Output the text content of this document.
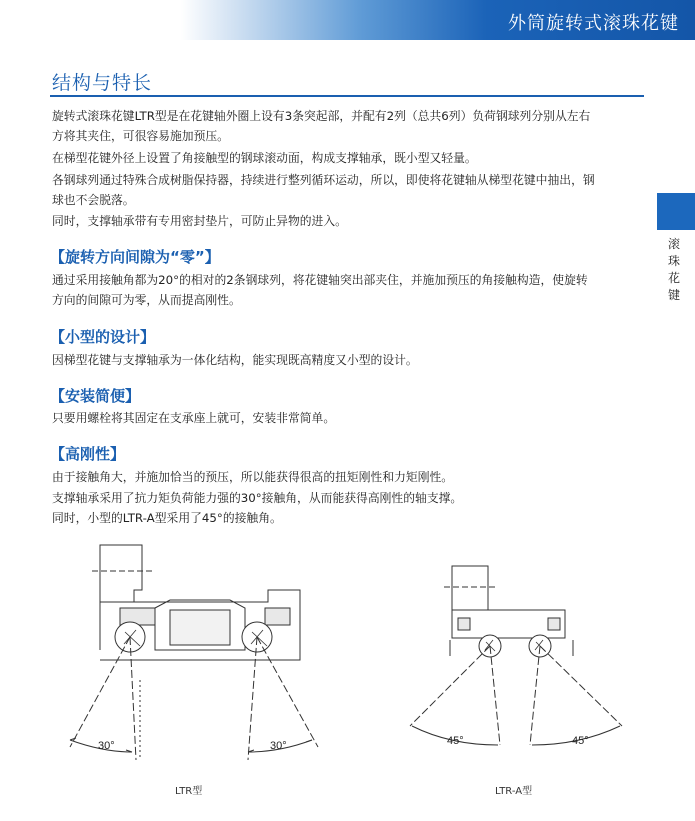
外筒旋转式滚珠花键
滚珠花键
结构与特长
旋转式滚珠花键LTR型是在花键轴外圈上设有3条突起部，并配有2列（总共6列）负荷钢球列分别从左右
方将其夹住，可很容易施加预压。
在梯型花键外径上设置了角接触型的钢球滚动面，构成支撑轴承，既小型又轻量。
各钢球列通过特殊合成树脂保持器，持续进行整列循环运动，所以，即使将花键轴从梯型花键中抽出，钢
球也不会脱落。
同时，支撑轴承带有专用密封垫片，可防止异物的进入。
【旋转方向间隙为“零”】
通过采用接触角都为20°的相对的2条钢球列，将花键轴突出部夹住，并施加预压的角接触构造，使旋转
方向的间隙可为零，从而提高刚性。
【小型的设计】
因梯型花键与支撑轴承为一体化结构，能实现既高精度又小型的设计。
【安装简便】
只要用螺栓将其固定在支承座上就可，安装非常简单。
【高刚性】
由于接触角大，并施加恰当的预压，所以能获得很高的扭矩刚性和力矩刚性。
支撑轴承采用了抗力矩负荷能力强的30°接触角，从而能获得高刚性的轴支撑。
同时，小型的LTR-A型采用了45°的接触角。
30°	30°	45°	45°
LTR型	LTR-A型
